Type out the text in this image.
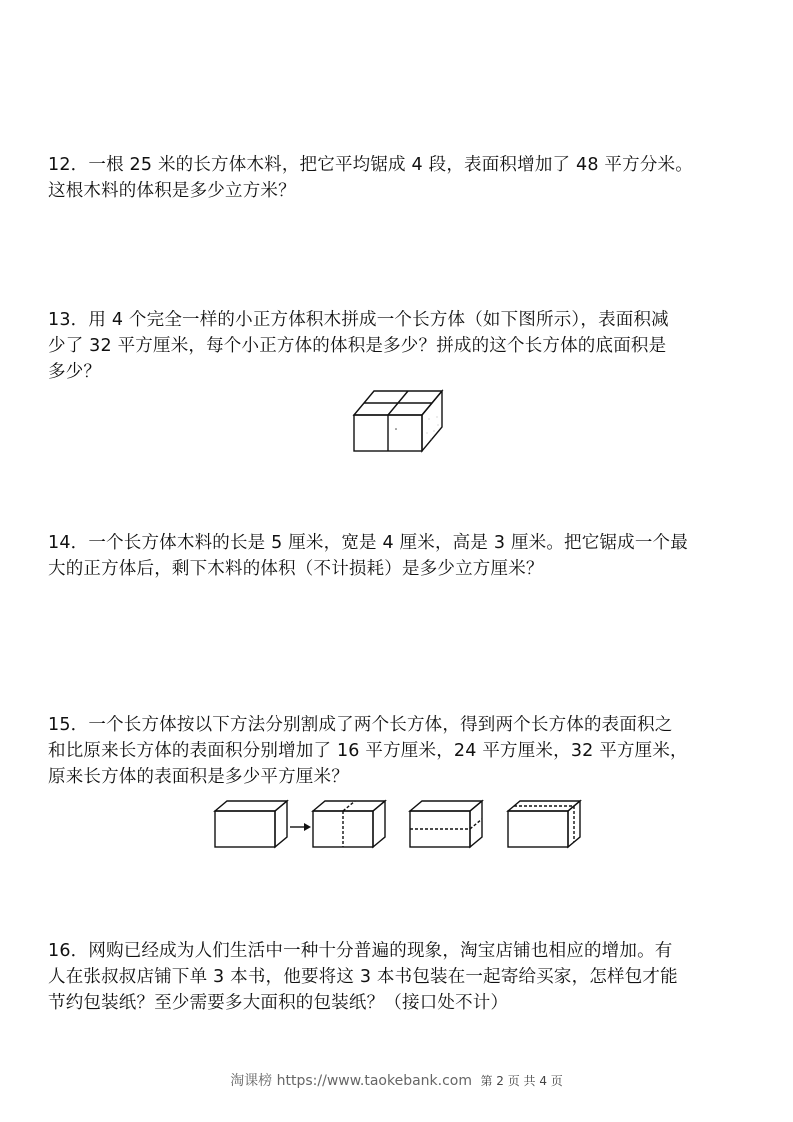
12．一根 25 米的长方体木料，把它平均锯成 4 段，表面积增加了 48 平方分米。

这根木料的体积是多少立方米？

13．用 4 个完全一样的小正方体积木拼成一个长方体（如下图所示），表面积减

少了 32 平方厘米，每个小正方体的体积是多少？拼成的这个长方体的底面积是

多少？

14．一个长方体木料的长是 5 厘米，宽是 4 厘米，高是 3 厘米。把它锯成一个最

大的正方体后，剩下木料的体积（不计损耗）是多少立方厘米？

15．一个长方体按以下方法分别割成了两个长方体，得到两个长方体的表面积之

和比原来长方体的表面积分别增加了 16 平方厘米，24 平方厘米，32 平方厘米，

原来长方体的表面积是多少平方厘米？

16．网购已经成为人们生活中一种十分普遍的现象，淘宝店铺也相应的增加。有

人在张叔叔店铺下单 3 本书，他要将这 3 本书包装在一起寄给买家，怎样包才能

节约包装纸？至少需要多大面积的包装纸？（接口处不计）

淘课榜 https://www.taokebank.com 第 2 页 共 4 页
